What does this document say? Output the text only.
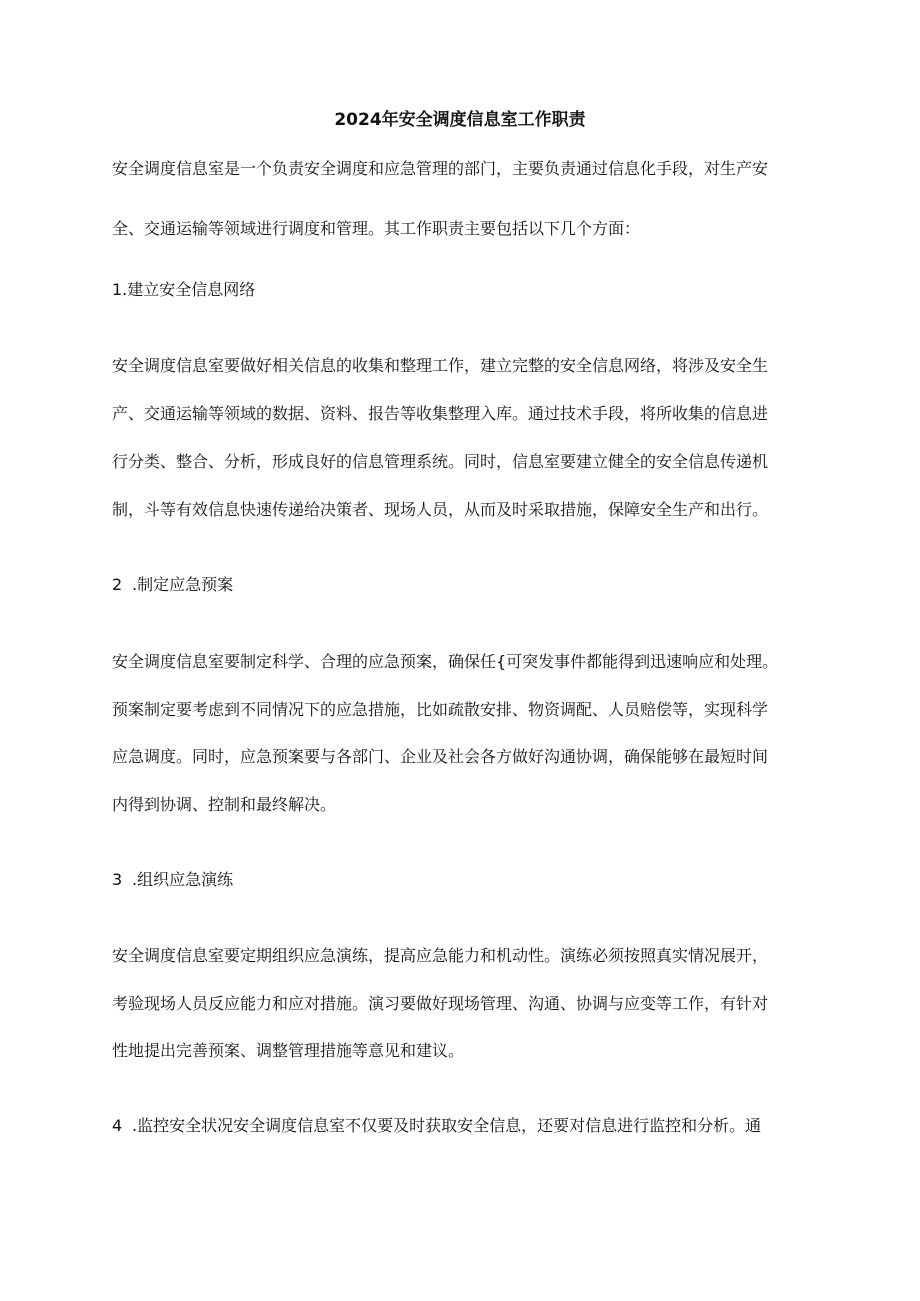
2024年安全调度信息室工作职责
安全调度信息室是一个负责安全调度和应急管理的部门，主要负责通过信息化手段，对生产安
全、交通运输等领域进行调度和管理。其工作职责主要包括以下几个方面：
1.建立安全信息网络
安全调度信息室要做好相关信息的收集和整理工作，建立完整的安全信息网络，将涉及安全生
产、交通运输等领域的数据、资料、报告等收集整理入库。通过技术手段，将所收集的信息进
行分类、整合、分析，形成良好的信息管理系统。同时，信息室要建立健全的安全信息传递机
制，斗等有效信息快速传递给决策者、现场人员，从而及时采取措施，保障安全生产和出行。
2 .制定应急预案
安全调度信息室要制定科学、合理的应急预案，确保任{可突发事件都能得到迅速响应和处理。
预案制定要考虑到不同情况下的应急措施，比如疏散安排、物资调配、人员赔偿等，实现科学
应急调度。同时，应急预案要与各部门、企业及社会各方做好沟通协调，确保能够在最短时间
内得到协调、控制和最终解决。
3 .组织应急演练
安全调度信息室要定期组织应急演练，提高应急能力和机动性。演练必须按照真实情况展开，
考验现场人员反应能力和应对措施。演习要做好现场管理、沟通、协调与应变等工作，有针对
性地提出完善预案、调整管理措施等意见和建议。
4 .监控安全状况安全调度信息室不仅要及时获取安全信息，还要对信息进行监控和分析。通
